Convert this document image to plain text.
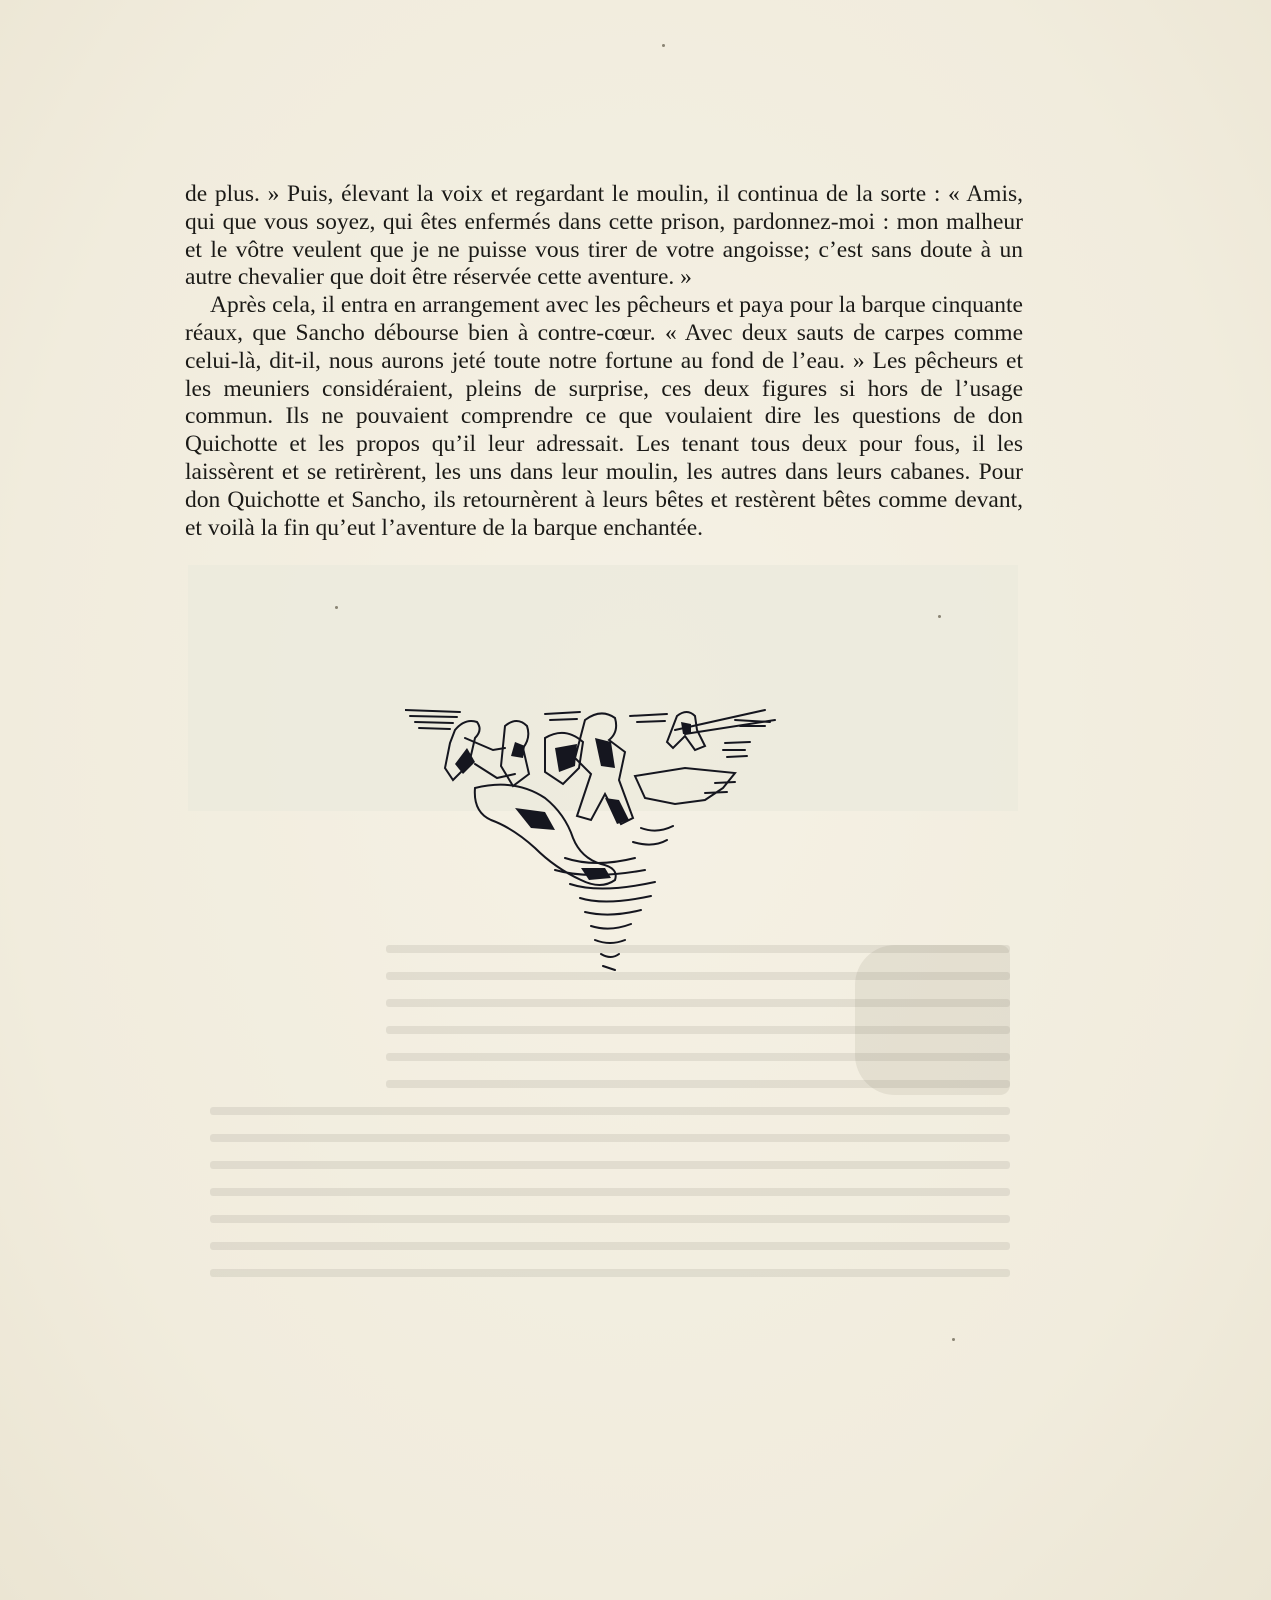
de plus. » Puis, élevant la voix et regardant le moulin, il continua de la sorte : « Amis, qui que vous soyez, qui êtes enfermés dans cette prison, pardonnez-moi : mon malheur et le vôtre veulent que je ne puisse vous tirer de votre angoisse; c’est sans doute à un autre chevalier que doit être réservée cette aventure. »

Après cela, il entra en arrangement avec les pêcheurs et paya pour la barque cinquante réaux, que Sancho débourse bien à contre-cœur. « Avec deux sauts de carpes comme celui-là, dit-il, nous aurons jeté toute notre fortune au fond de l’eau. » Les pêcheurs et les meuniers considéraient, pleins de surprise, ces deux figures si hors de l’usage commun. Ils ne pouvaient comprendre ce que voulaient dire les questions de don Quichotte et les propos qu’il leur adressait. Les tenant tous deux pour fous, il les laissèrent et se retirèrent, les uns dans leur moulin, les autres dans leurs cabanes. Pour don Quichotte et Sancho, ils retournèrent à leurs bêtes et restèrent bêtes comme devant, et voilà la fin qu’eut l’aventure de la barque enchantée.
